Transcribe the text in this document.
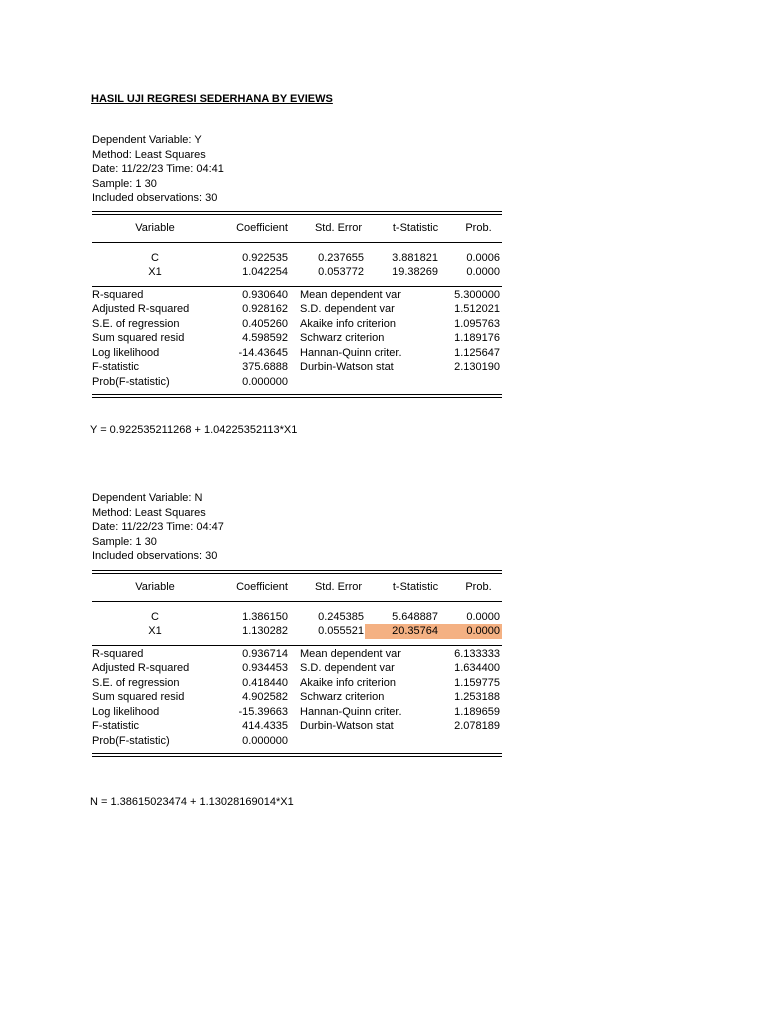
HASIL UJI REGRESI SEDERHANA BY EVIEWS
Dependent Variable: Y
Method: Least Squares
Date: 11/22/23 Time: 04:41
Sample: 1 30
Included observations: 30
Variable	Coefficient	Std. Error	t-Statistic	Prob.
C	0.922535	0.237655	3.881821	0.0006
X1	1.042254	0.053772	19.38269	0.0000
R-squared	0.930640 Mean dependent var	5.300000
Adjusted R-squared	0.928162 S.D. dependent var	1.512021
S.E. of regression	0.405260 Akaike info criterion	1.095763
Sum squared resid	4.598592 Schwarz criterion	1.189176
Log likelihood	-14.43645 Hannan-Quinn criter.	1.125647
F-statistic	375.6888 Durbin-Watson stat	2.130190
Prob(F-statistic)	0.000000
Y = 0.922535211268 + 1.04225352113*X1
Dependent Variable: N
Method: Least Squares
Date: 11/22/23 Time: 04:47
Sample: 1 30
Included observations: 30
Variable	Coefficient	Std. Error	t-Statistic	Prob.
C	1.386150	0.245385	5.648887	0.0000
X1	1.130282	0.055521	20.35764	0.0000
R-squared	0.936714 Mean dependent var	6.133333
Adjusted R-squared	0.934453 S.D. dependent var	1.634400
S.E. of regression	0.418440 Akaike info criterion	1.159775
Sum squared resid	4.902582 Schwarz criterion	1.253188
Log likelihood	-15.39663 Hannan-Quinn criter.	1.189659
F-statistic	414.4335 Durbin-Watson stat	2.078189
Prob(F-statistic)	0.000000
N = 1.38615023474 + 1.13028169014*X1
